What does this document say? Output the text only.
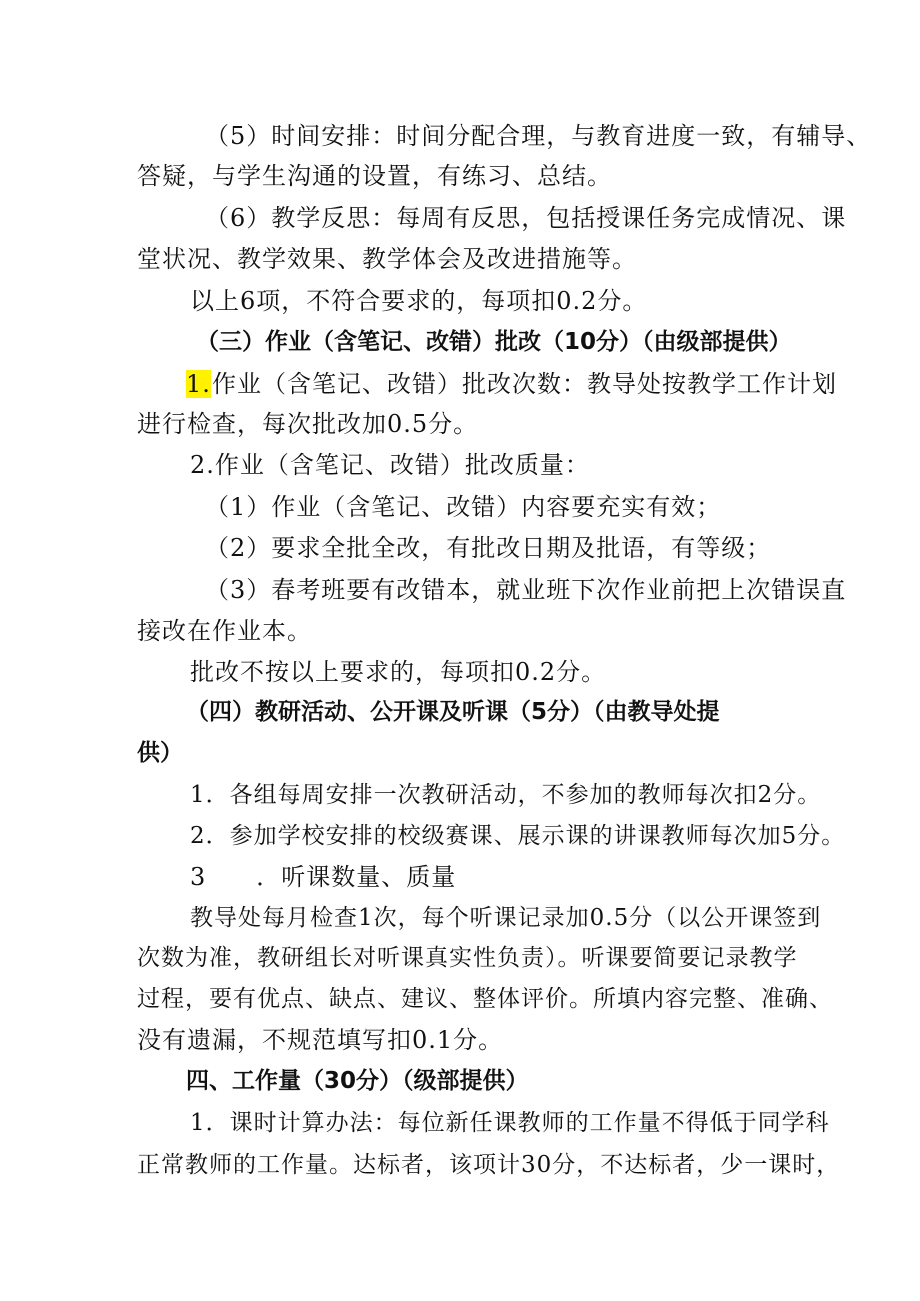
（5）时间安排：时间分配合理，与教育进度一致，有辅导、
答疑，与学生沟通的设置，有练习、总结。
（6）教学反思：每周有反思，包括授课任务完成情况、课
堂状况、教学效果、教学体会及改进措施等。
以上6项，不符合要求的，每项扣0.2分。
（三）作业（含笔记、改错）批改（10分）（由级部提供）
1. 作业（含笔记、改错）批改次数：教导处按教学工作计划
进行检查，每次批改加0.5分。
2.作业（含笔记、改错）批改质量：
（1）作业（含笔记、改错）内容要充实有效；
（2）要求全批全改，有批改日期及批语，有等级；
（3）春考班要有改错本，就业班下次作业前把上次错误直
接改在作业本。
批改不按以上要求的，每项扣0.2分。
（四）教研活动、公开课及听课（5分）（由教导处提
供）
1．各组每周安排一次教研活动，不参加的教师每次扣2分。
2．参加学校安排的校级赛课、展示课的讲课教师每次加5分。
3　　．听课数量、质量
教导处每月检查1次，每个听课记录加0.5分（以公开课签到
次数为准，教研组长对听课真实性负责）。听课要简要记录教学
过程，要有优点、缺点、建议、整体评价。所填内容完整、准确、
没有遗漏，不规范填写扣0.1分。
四、工作量（30分）（级部提供）
1．课时计算办法：每位新任课教师的工作量不得低于同学科
正常教师的工作量。达标者，该项计30分，不达标者，少一课时，
